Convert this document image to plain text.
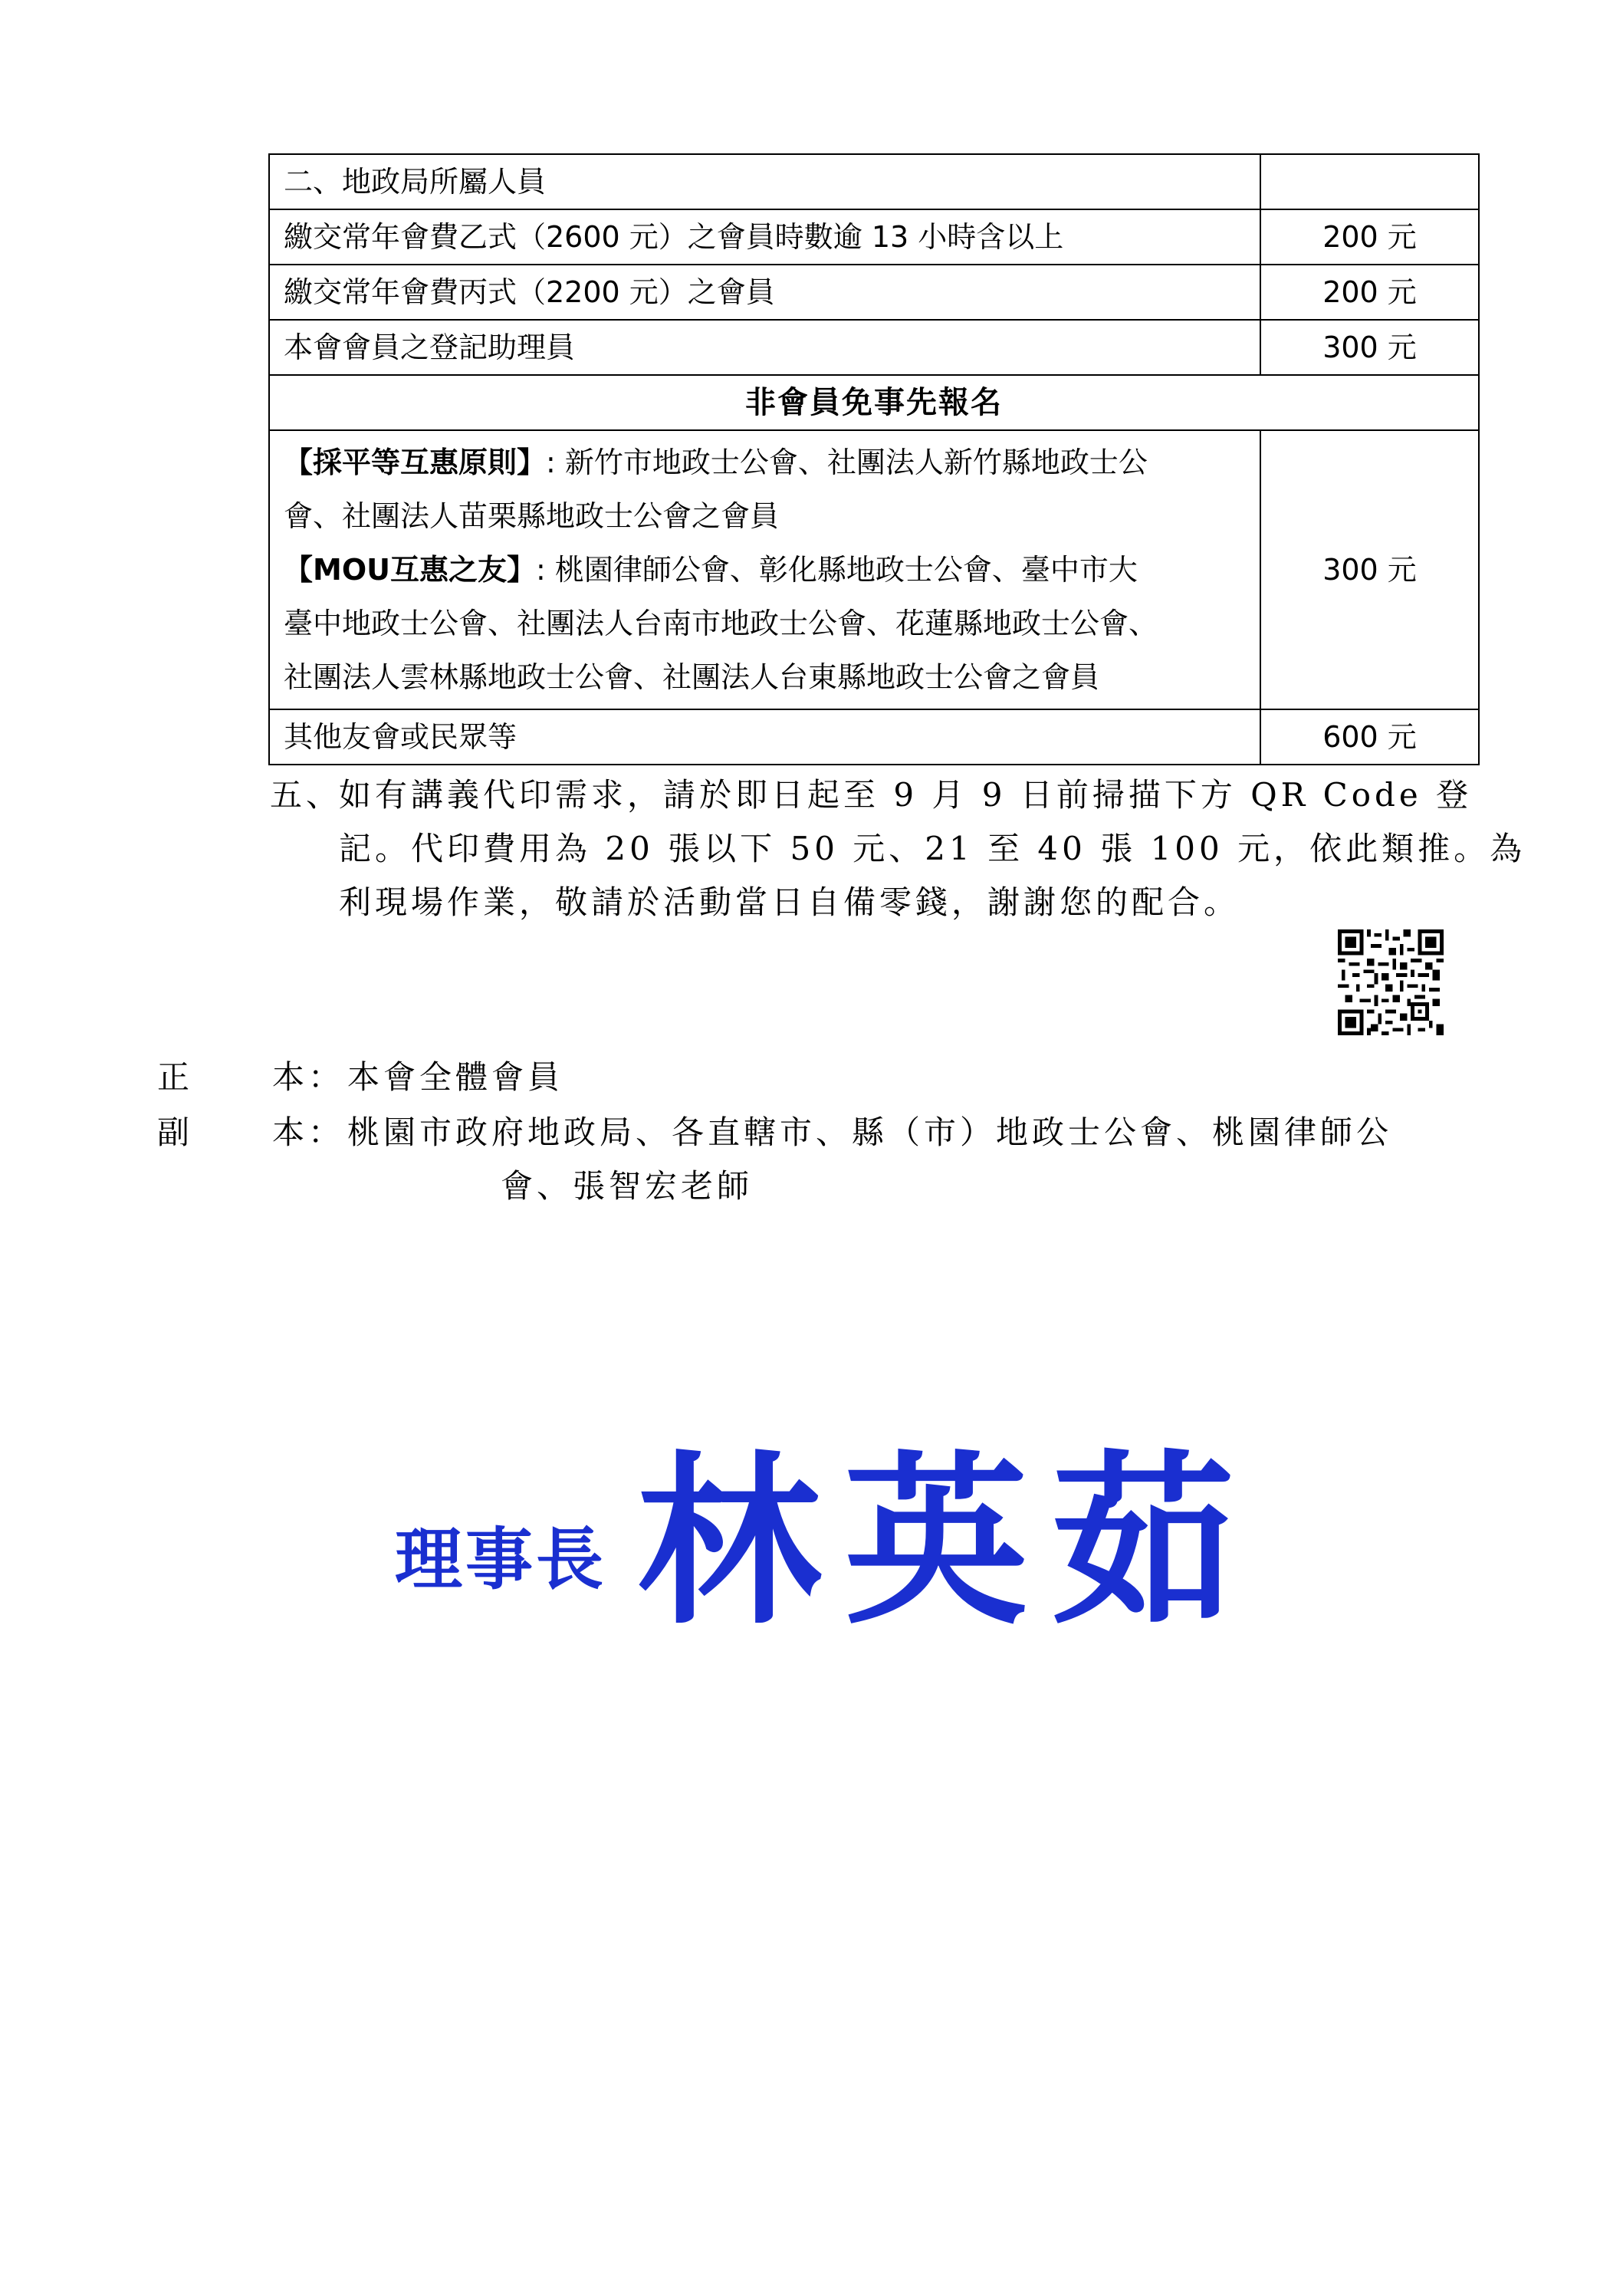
二、地政局所屬人員	
繳交常年會費乙式（2600 元）之會員時數逾 13 小時含以上	200 元
繳交常年會費丙式（2200 元）之會員	200 元
本會會員之登記助理員	300 元
非會員免事先報名	

【採平等互惠原則】: 新竹市地政士公會、社團法人新竹縣地政士公
會、社團法人苗栗縣地政士公會之會員
【MOU互惠之友】: 桃園律師公會、彰化縣地政士公會、臺中市大
臺中地政士公會、社團法人台南市地政士公會、花蓮縣地政士公會、
社團法人雲林縣地政士公會、社團法人台東縣地政士公會之會員	300 元
其他友會或民眾等	600 元
五、
如有講義代印需求，請於即日起至 9 月 9 日前掃描下方 QR Code 登
記。代印費用為 20 張以下 50 元、21 至 40 張 100 元，依此類推。為
利現場作業，敬請於活動當日自備零錢，謝謝您的配合。
正 本： 本會全體會員
副 本： 桃園市政府地政局、各直轄市、縣（市）地政士公會、桃園律師公
會、張智宏老師
理事長 林英茹
